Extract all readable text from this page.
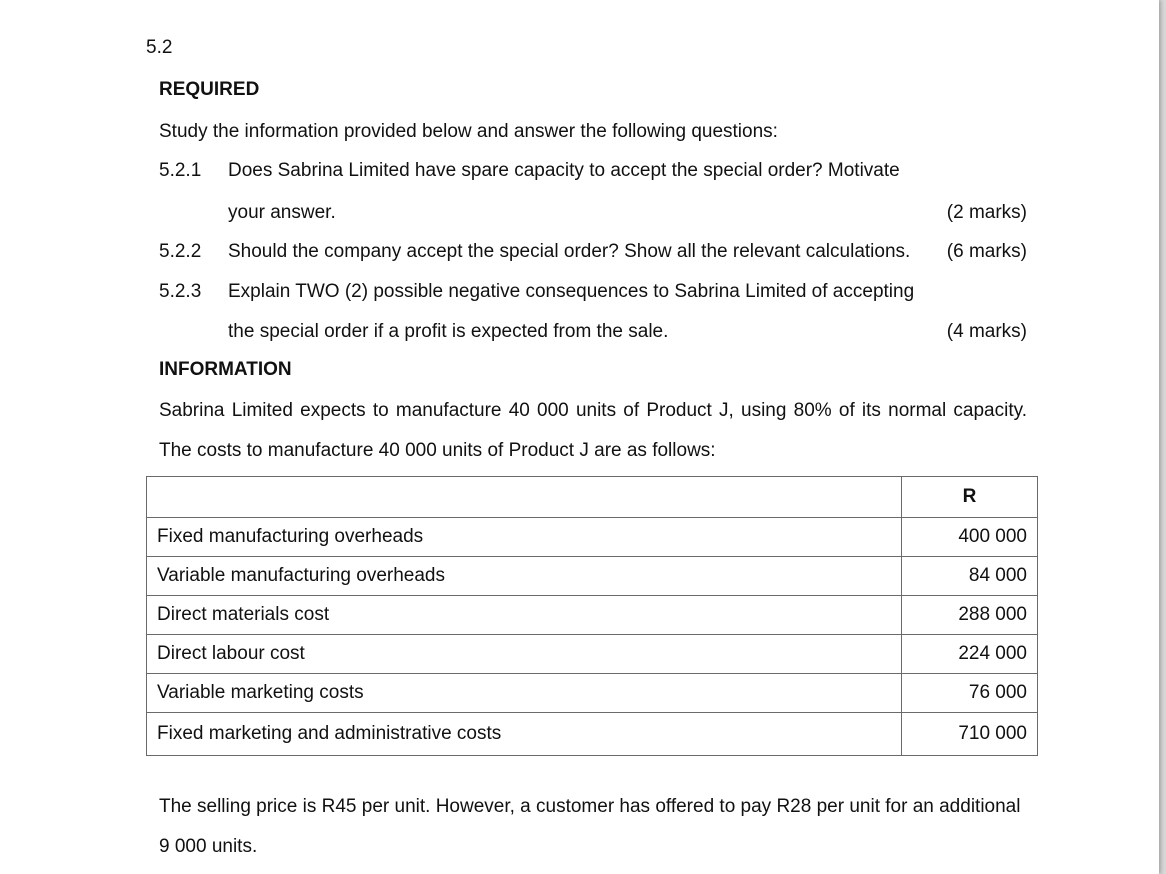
5.2
REQUIRED
Study the information provided below and answer the following questions:
5.2.1 Does Sabrina Limited have spare capacity to accept the special order? Motivate
your answer.	(2 marks)
5.2.2 Should the company accept the special order? Show all the relevant calculations. (6 marks)
5.2.3 Explain TWO (2) possible negative consequences to Sabrina Limited of accepting
the special order if a profit is expected from the sale.	(4 marks)
INFORMATION
Sabrina Limited expects to manufacture 40 000 units of Product J, using 80% of its normal capacity.
The costs to manufacture 40 000 units of Product J are as follows:
	R
Fixed manufacturing overheads	400 000
Variable manufacturing overheads	84 000
Direct materials cost	288 000
Direct labour cost	224 000
Variable marketing costs	76 000
Fixed marketing and administrative costs	710 000
The selling price is R45 per unit. However, a customer has offered to pay R28 per unit for an additional
9 000 units.
